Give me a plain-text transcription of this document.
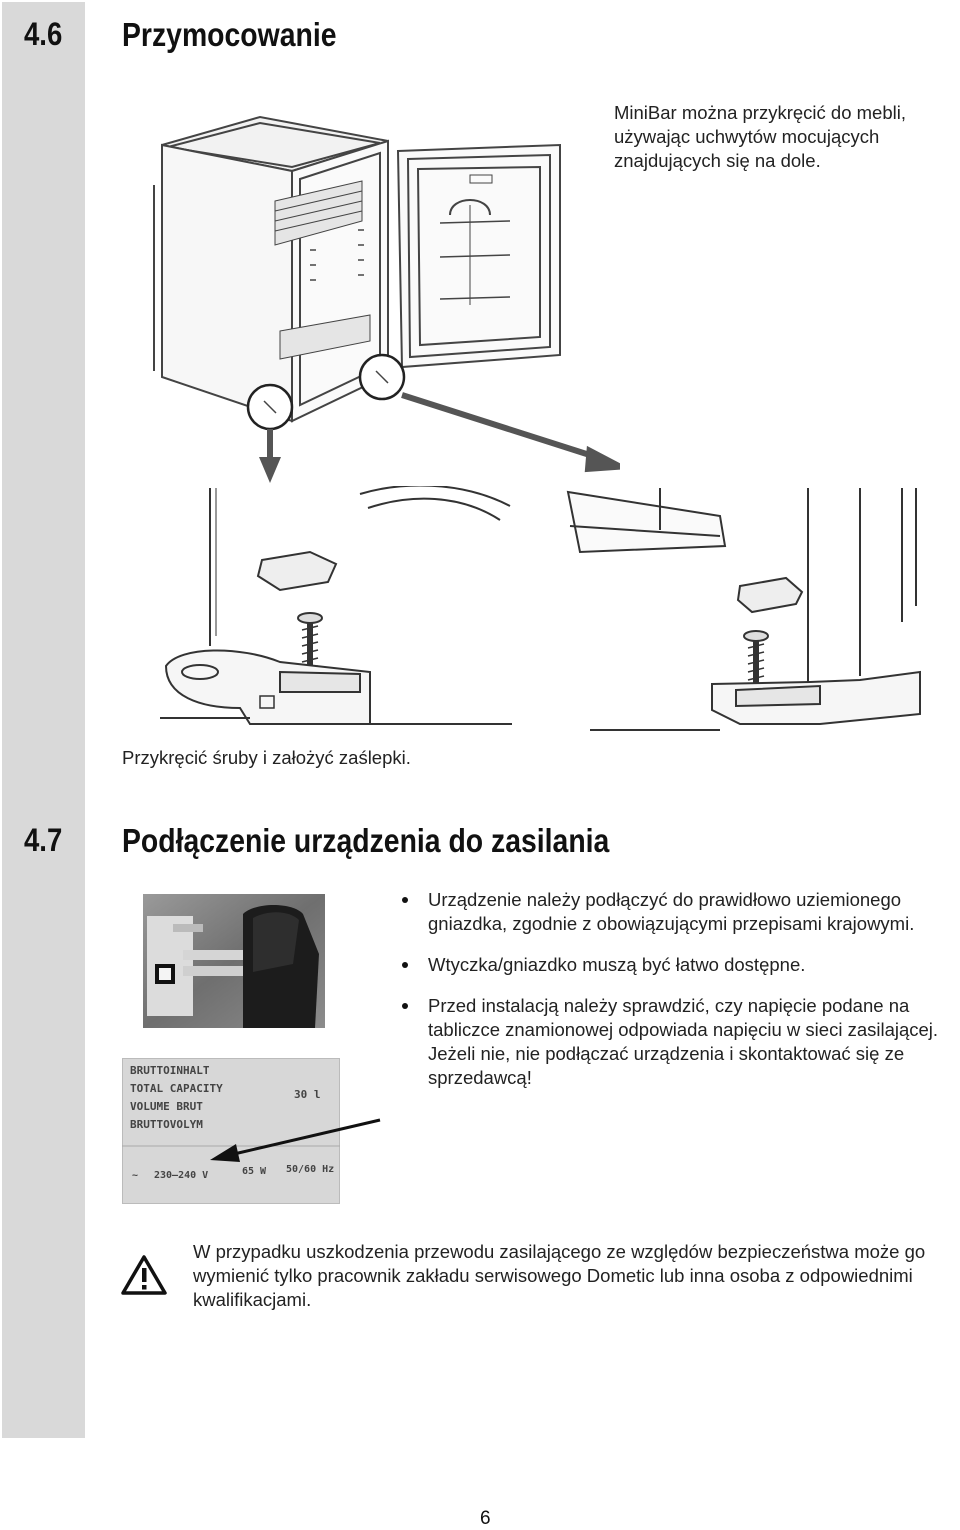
4.6 Przymocowanie
MiniBar można przykręcić do mebli, używając uchwytów mocujących znajdujących się na dole.
Przykręcić śruby i założyć zaślepki.
4.7 Podłączenie urządzenia do zasilania
BRUTTOINHALT
TOTAL CAPACITY
VOLUME BRUT
BRUTTOVOLYM
30 l
~ 230—240 V	65 W 50/60 Hz
Urządzenie należy podłączyć do prawidłowo uziemionego gniazdka, zgodnie z obowiązującymi przepisami krajowymi.
Wtyczka/gniazdko muszą być łatwo dostępne.
Przed instalacją należy sprawdzić, czy napięcie podane na tabliczce znamionowej odpowiada napięciu w sieci zasilającej. Jeżeli nie, nie podłączać urządzenia i skontaktować się ze sprzedawcą!
W przypadku uszkodzenia przewodu zasilającego ze względów bezpieczeństwa może go wymienić tylko pracownik zakładu serwisowego Dometic lub inna osoba z odpowiednimi kwalifikacjami.
6
